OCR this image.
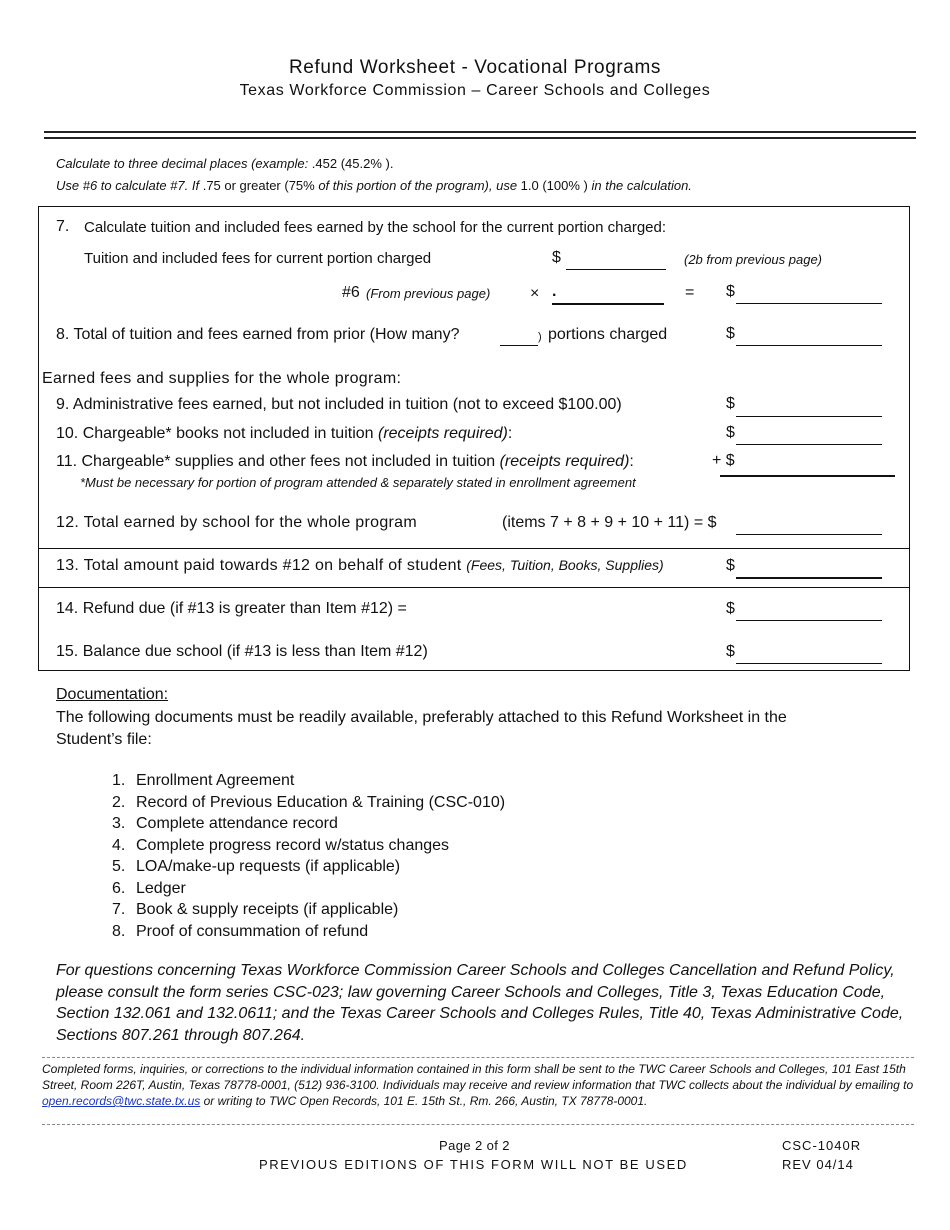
Refund Worksheet - Vocational Programs
Texas Workforce Commission – Career Schools and Colleges
Calculate to three decimal places (example: .452 (45.2% ).
Use #6 to calculate #7. If .75 or greater (75% of this portion of the program), use 1.0 (100% ) in the calculation.
7. Calculate tuition and included fees earned by the school for the current portion charged:
Tuition and included fees for current portion charged	$	(2b from previous page)
#6 (From previous page) × .	= $
8. Total of tuition and fees earned from prior (How many?	) portions charged	$
Earned fees and supplies for the whole program:
9. Administrative fees earned, but not included in tuition (not to exceed $100.00)	$
10. Chargeable* books not included in tuition (receipts required):	$
11. Chargeable* supplies and other fees not included in tuition (receipts required):	+ $
*Must be necessary for portion of program attended & separately stated in enrollment agreement
12. Total earned by school for the whole program	(items 7 + 8 + 9 + 10 + 11) = $
13. Total amount paid towards #12 on behalf of student (Fees, Tuition, Books, Supplies)	$
14. Refund due (if #13 is greater than Item #12) =	$
15. Balance due school (if #13 is less than Item #12)	$
Documentation:
The following documents must be readily available, preferably attached to this Refund Worksheet in the Student’s file:
1. Enrollment Agreement
2. Record of Previous Education & Training (CSC-010)
3. Complete attendance record
4. Complete progress record w/status changes
5. LOA/make-up requests (if applicable)
6. Ledger
7. Book & supply receipts (if applicable)
8. Proof of consummation of refund
For questions concerning Texas Workforce Commission Career Schools and Colleges Cancellation and Refund Policy, please consult the form series CSC-023; law governing Career Schools and Colleges, Title 3, Texas Education Code, Section 132.061 and 132.0611; and the Texas Career Schools and Colleges Rules, Title 40, Texas Administrative Code, Sections 807.261 through 807.264.
Completed forms, inquiries, or corrections to the individual information contained in this form shall be sent to the TWC Career Schools and Colleges, 101 East 15th Street, Room 226T, Austin, Texas 78778-0001, (512) 936-3100. Individuals may receive and review information that TWC collects about the individual by emailing to open.records@twc.state.tx.us or writing to TWC Open Records, 101 E. 15th St., Rm. 266, Austin, TX 78778-0001.
Page 2 of 2
PREVIOUS EDITIONS OF THIS FORM WILL NOT BE USED
CSC-1040R
REV 04/14
